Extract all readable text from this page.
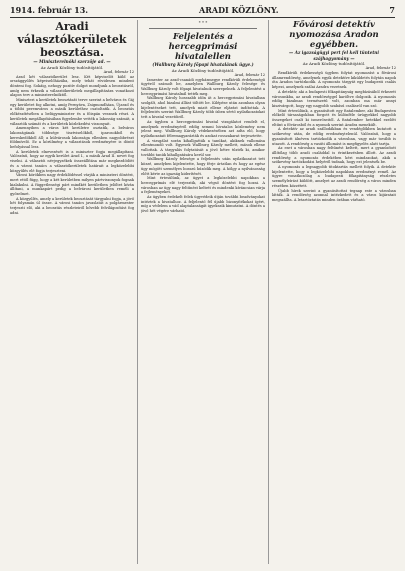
1914. február 13.	ARADI KÖZLÖNY.	7
Aradi választókerületek beosztása.
— Miniszterelnöki szerzője ad. —
Az Aradi Közlöny tudósítójától.
Arad, február 12

Arad két választókerület lesz. Két képviselőt küld az országgyűlés képviselőházába, mely tehát rövidesen mindent dönteni fog. Sokáig, nehogy pozitív dolgot mondjunk a beosztásról, amíg nem érkezik a választókerületek megállapítására vonatkozó alapos terv a miniszterelnöktől.

Miniszteri a kerületek beosztását terve szerint a belváros és Gáj egy kerületet fog alkotni, amíg Pernyáva, Zsigmondháza, Újarad és a többi peremváros a másik kerülethez csatoltatik. A beosztás előkészítésében a belügyminiszter és a főispán vesznek részt. A kerületek megállapításában figyelembe vették a lakosság számát, a választók számát és a kerületek közlekedési viszonyait.

Amennyiben a város két kerületre osztatik, a belváros lakosságának többsége tisztviselőkből, iparosokból és kereskedőkből áll; a külvárosok lakossága ellenben nagyobbrészt földmívelő. Ez a körülmény a választások eredményére is döntő befolyással lesz.

A kerületek elnevezését is a miniszter fogja megállapítani. Valószínű, hogy az egyik kerület Arad I., a másik Arad II. nevet fog viselni. A választói névjegyzékek összeállítása már megkezdődött és a városi tanács a választókerületek határait a legközelebbi közgyűlés elé fogja terjeszteni.

Városi körökben nagy érdeklődéssel várják a miniszteri döntést, mert ettől függ, hogy a két kerületben milyen pártviszonyok fognak kialakulni. A függetlenségi párt mindkét kerületben jelöltet kíván állítani, a munkapárt pedig a belvárosi kerületben reméli a győzelmet.

A közgyűlés, amely a kerületek beosztását tárgyalni fogja, a jövő hét folyamán ül össze. A városi tanács javaslatát a polgármester terjeszti elő, aki a beosztás részleteiről bővebb felvilágosítást fog adni.

* * *
Feljelentés a hercegprimási hivatalellen
(Wallburg Károly főpapi hivatalának ügye.)
Az Aradi Közlöny tudósítójától.
Arad, február 12

Izmester az arad-csanádi egyházmegye rendkívüli érdekességű ügyéről számolt be, amelyben Wallburg Károly felesége és Wallburg Károly volt főpapi hivatalnok szerepelnek. A feljelentést a hercegprimási hivatalnál tették meg.

Wallburg Károly hosszabb időn át a hercegprimási hivatalban szolgált, ahol bizalmi állást töltött be. Kilépése után azonban olyan kijelentéseket tett, amelyek miatt ellene eljárást indítottak. A feljelentés szerint Wallburg Károly több ízben sértő nyilatkozatokat tett a hivatal vezetőiről.

Az ügyben a hercegprimási hivatal vizsgálatot rendelt el, amelynek eredményéről eddig semmi hivatalos közlemény nem jelent meg. Wallburg Károly védekezésében azt adta elő, hogy nyilatkozatait félremagyarázták és azokat rosszakarat terjesztette.

A vizsgálat során kihallgatták a tanúkat, akiknek vallomása ellentmondó volt. Egyesek Wallburg Károly mellett, mások ellene vallottak. A tárgyalás folytatását a jövő hétre tűzték ki, amikor további tanúk kihallgatására kerül sor.

Wallburg Károly felesége a feljelentés után nyilatkozatot tett közzé, amelyben kijelentette, hogy férje ártatlan és hogy az egész ügy mögött személyes bosszú húzódik meg. A hölgy a nyilvánosság előtt kérte az igazság kiderítését.

Mint értesülünk, az ügyet a legközelebbi napokban a hercegprímás elé terjesztik, aki végső döntést fog hozni. A városban az ügy nagy feltűnést keltett és mindenki kíváncsian várja a fejleményeket.

Az ügyben érdekelt felek ügyvédeik útján további beadványokat intéztek a hivatalhoz. A feljelentő fél újabb bizonyítékokat ígért, míg a védelem a vád alaptalanságát igyekszik kimutatni. A döntés a jövő hét végére várható.

Fővárosi detektív nyomozása Aradon egyébben.
— Az igazságügyi pert fel kell tüntetni szájhagyomány —
Az Aradi Közlöny tudósítójától.
Arad, február 12

Rendkívüli érdekességű ügyben folytat nyomozást a fővárosi államrendőrség, amelynek egyik detektíve kiküldetés folytán napok óta Aradon tartózkodik. A nyomozás tárgyát egy budapesti csalás képezi, amelynek szálai Aradra vezetnek.

A detektív, aki a budapesti főkapitányság megbízásából érkezett városunkba, az aradi rendőrséggel karöltve dolgozik. A nyomozás eddig bizalmas természetű volt, azonban ma már annyi kiszivárgott, hogy egy nagyobb szabású csalásról van szó.

Mint értesülünk, a gyanúsított egy fiatalember, aki Budapesten előkelő társaságokban forgott és különféle ürügyekkel nagyobb összegeket csalt ki ismerőseitől. A fiatalember hetekkel ezelőtt eltűnt a fővárosból és a nyomok szerint Aradra menekült.

A detektív az aradi szállodákban és vendéglőkben kutatott a szökevény után, de eddig eredménytelenül. Valószínű, hogy a gyanúsított álnéven tartózkodik a városban, vagy már tovább is utazott. A rendőrség a vasúti állomást is megfigyelés alatt tartja.

Az eset a városban nagy feltűnést keltett, mert a gyanúsított állítólag több aradi családdal is érintkezésben állott. Az aradi rendőrség a nyomozás érdekében kéri mindazokat, akik a szökevény tartózkodási helyéről tudnak, hogy ezt jelentsék be.

A nyomozás a legnagyobb titoktartás mellett folyik. A detektív kijelentette, hogy a legközelebbi napokban eredményt remél. Az ügyre vonatkozólag a budapesti főkapitányság részletes személyleírást küldött, amelyet az aradi rendőrség a város minden részében közzétett.

Újabb hírek szerint a gyanúsítottat tegnap este a városban látták. A rendőrség azonnal intézkedett és a város kijáratait megszállta. A letartóztatás minden órában várható.
